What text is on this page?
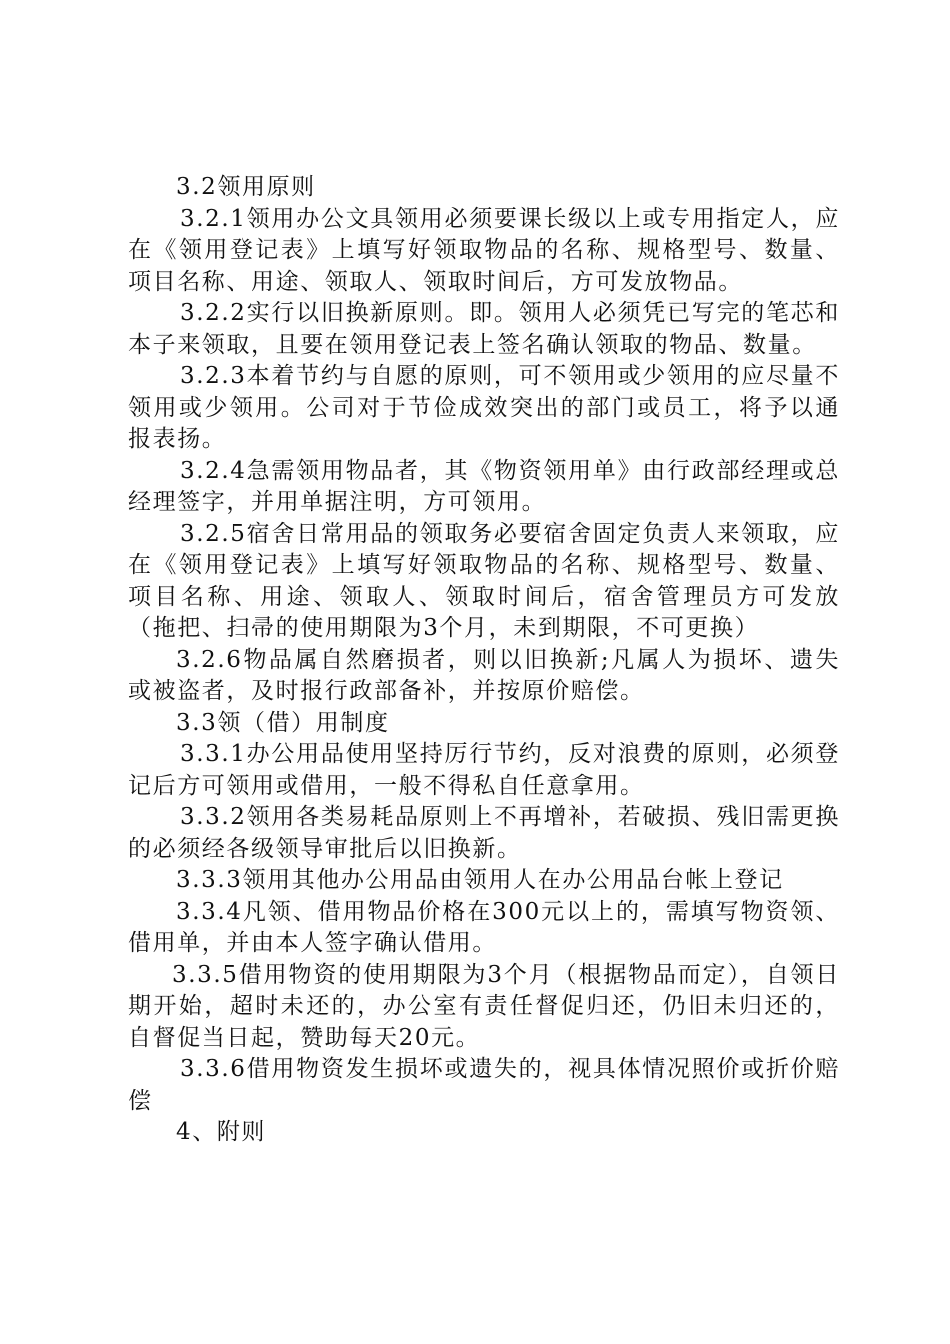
3.2领用原则

3.2.1领用办公文具领用必须要课长级以上或专用指定人，应在《领用登记表》上填写好领取物品的名称、规格型号、数量、项目名称、用途、领取人、领取时间后，方可发放物品。

3.2.2实行以旧换新原则。即。领用人必须凭已写完的笔芯和本子来领取，且要在领用登记表上签名确认领取的物品、数量。

3.2.3本着节约与自愿的原则，可不领用或少领用的应尽量不领用或少领用。公司对于节俭成效突出的部门或员工，将予以通报表扬。

3.2.4急需领用物品者，其《物资领用单》由行政部经理或总经理签字，并用单据注明，方可领用。

3.2.5宿舍日常用品的领取务必要宿舍固定负责人来领取，应在《领用登记表》上填写好领取物品的名称、规格型号、数量、项目名称、用途、领取人、领取时间后，宿舍管理员方可发放（拖把、扫帚的使用期限为3个月，未到期限，不可更换）

3.2.6物品属自然磨损者，则以旧换新;凡属人为损坏、遗失或被盗者，及时报行政部备补，并按原价赔偿。

3.3领（借）用制度

3.3.1办公用品使用坚持厉行节约，反对浪费的原则，必须登记后方可领用或借用，一般不得私自任意拿用。

3.3.2领用各类易耗品原则上不再增补，若破损、残旧需更换的必须经各级领导审批后以旧换新。

3.3.3领用其他办公用品由领用人在办公用品台帐上登记

3.3.4凡领、借用物品价格在300元以上的，需填写物资领、借用单，并由本人签字确认借用。

3.3.5借用物资的使用期限为3个月（根据物品而定），自领日期开始，超时未还的，办公室有责任督促归还，仍旧未归还的，自督促当日起，赞助每天20元。

3.3.6借用物资发生损坏或遗失的，视具体情况照价或折价赔偿

4、附则
